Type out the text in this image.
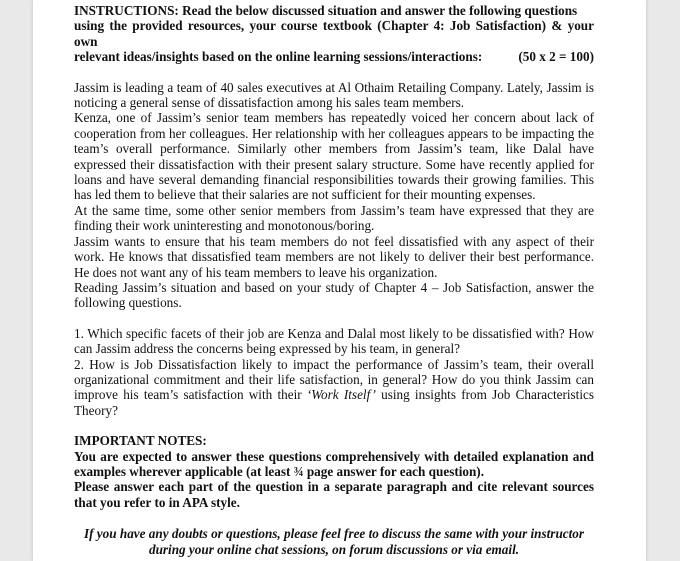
INSTRUCTIONS: Read the below discussed situation and answer the following questions

using the provided resources, your course textbook (Chapter 4: Job Satisfaction) & your own

relevant ideas/insights based on the online learning sessions/interactions:	(50 x 2 = 100)

Jassim is leading a team of 40 sales executives at Al Othaim Retailing Company. Lately, Jassim is noticing a general sense of dissatisfaction among his sales team members.

Kenza, one of Jassim’s senior team members has repeatedly voiced her concern about lack of cooperation from her colleagues. Her relationship with her colleagues appears to be impacting the team’s overall performance. Similarly other members from Jassim’s team, like Dalal have expressed their dissatisfaction with their present salary structure. Some have recently applied for loans and have several demanding financial responsibilities towards their growing families. This has led them to believe that their salaries are not sufficient for their mounting expenses.

At the same time, some other senior members from Jassim’s team have expressed that they are finding their work uninteresting and monotonous/boring.

Jassim wants to ensure that his team members do not feel dissatisfied with any aspect of their work. He knows that dissatisfied team members are not likely to deliver their best performance. He does not want any of his team members to leave his organization.

Reading Jassim’s situation and based on your study of Chapter 4 – Job Satisfaction, answer the following questions.

1. Which specific facets of their job are Kenza and Dalal most likely to be dissatisfied with? How can Jassim address the concerns being expressed by his team, in general?

2. How is Job Dissatisfaction likely to impact the performance of Jassim’s team, their overall organizational commitment and their life satisfaction, in general? How do you think Jassim can improve his team’s satisfaction with their ‘Work Itself’ using insights from Job Characteristics Theory?

IMPORTANT NOTES:

You are expected to answer these questions comprehensively with detailed explanation and examples wherever applicable (at least ¾ page answer for each question).

Please answer each part of the question in a separate paragraph and cite relevant sources that you refer to in APA style.

If you have any doubts or questions, please feel free to discuss the same with your instructor
during your online chat sessions, on forum discussions or via email.
